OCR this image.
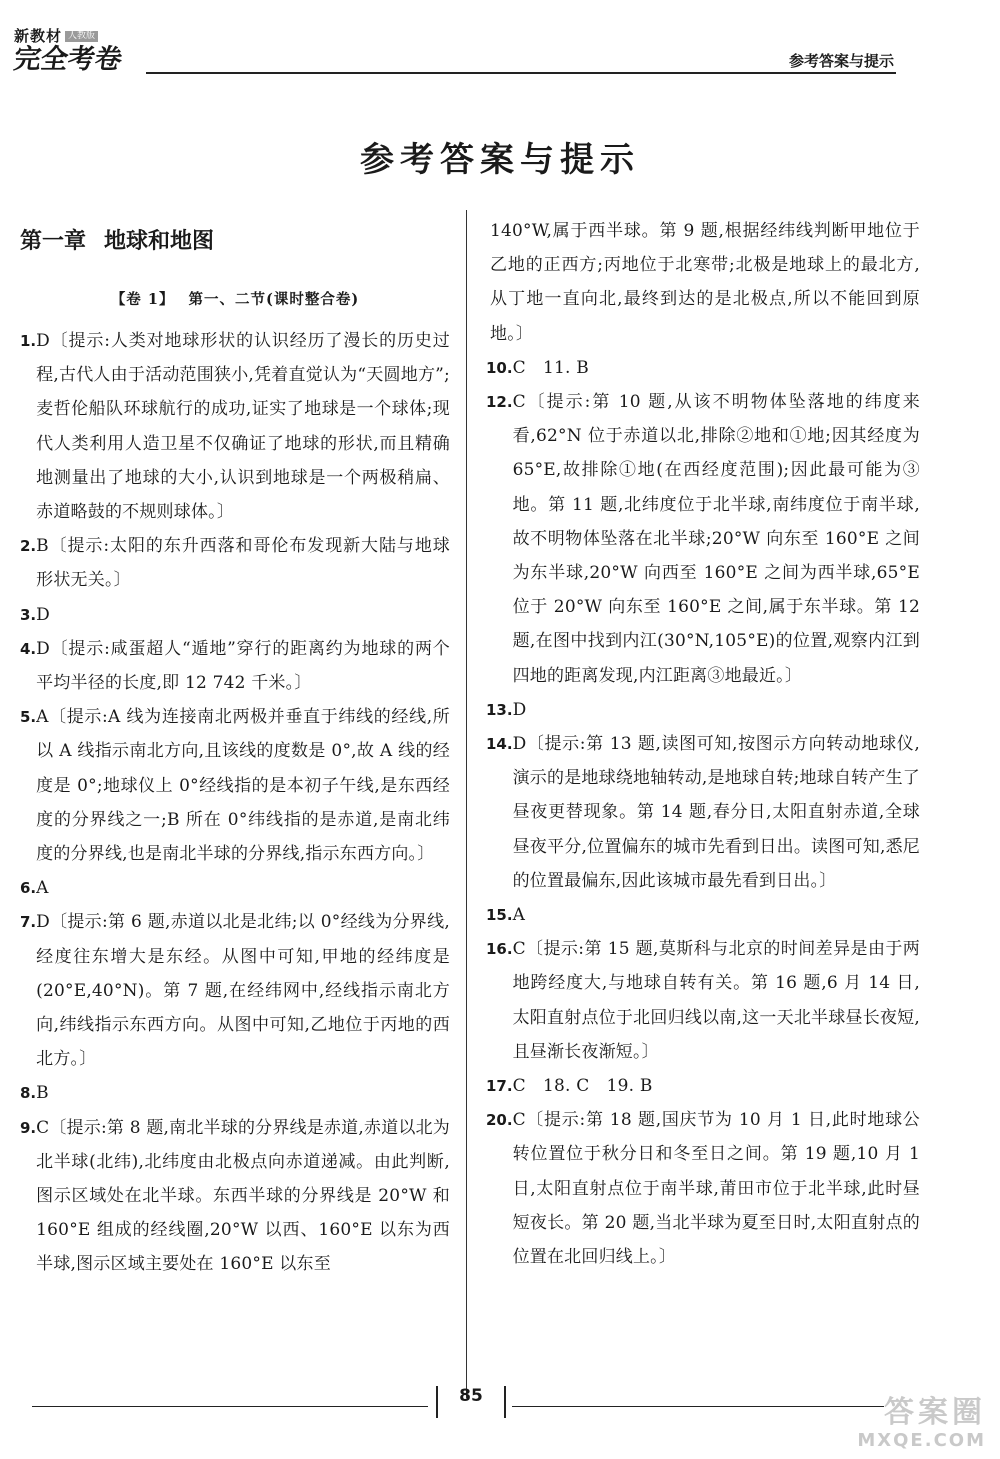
新教材 人教版
完全考卷	参考答案与提示
参考答案与提示
第一章 地球和地图
【卷 1】 第一、二节(课时整合卷)
1. D〔提示:人类对地球形状的认识经历了漫长的历史过程,古代人由于活动范围狭小,凭着直觉认为“天圆地方”;麦哲伦船队环球航行的成功,证实了地球是一个球体;现代人类利用人造卫星不仅确证了地球的形状,而且精确地测量出了地球的大小,认识到地球是一个两极稍扁、赤道略鼓的不规则球体。〕
2. B〔提示:太阳的东升西落和哥伦布发现新大陆与地球形状无关。〕
3. D
4. D〔提示:咸蛋超人“遁地”穿行的距离约为地球的两个平均半径的长度,即 12 742 千米。〕
5. A〔提示:A 线为连接南北两极并垂直于纬线的经线,所以 A 线指示南北方向,且该线的度数是 0°,故 A 线的经度是 0°;地球仪上 0°经线指的是本初子午线,是东西经度的分界线之一;B 所在 0°纬线指的是赤道,是南北纬度的分界线,也是南北半球的分界线,指示东西方向。〕
6. A
7. D〔提示:第 6 题,赤道以北是北纬;以 0°经线为分界线,经度往东增大是东经。从图中可知,甲地的经纬度是(20°E,40°N)。第 7 题,在经纬网中,经线指示南北方向,纬线指示东西方向。从图中可知,乙地位于丙地的西北方。〕
8. B
9. C〔提示:第 8 题,南北半球的分界线是赤道,赤道以北为北半球(北纬),北纬度由北极点向赤道递减。由此判断,图示区域处在北半球。东西半球的分界线是 20°W 和 160°E 组成的经线圈,20°W 以西、160°E 以东为西半球,图示区域主要处在 160°E 以东至
140°W,属于西半球。第 9 题,根据经纬线判断甲地位于乙地的正西方;丙地位于北寒带;北极是地球上的最北方,从丁地一直向北,最终到达的是北极点,所以不能回到原地。〕
10. C　11. B
12. C〔提示:第 10 题,从该不明物体坠落地的纬度来看,62°N 位于赤道以北,排除②地和①地;因其经度为 65°E,故排除①地(在西经度范围);因此最可能为③地。第 11 题,北纬度位于北半球,南纬度位于南半球,故不明物体坠落在北半球;20°W 向东至 160°E 之间为东半球,20°W 向西至 160°E 之间为西半球,65°E 位于 20°W 向东至 160°E 之间,属于东半球。第 12 题,在图中找到内江(30°N,105°E)的位置,观察内江到四地的距离发现,内江距离③地最近。〕
13. D
14. D〔提示:第 13 题,读图可知,按图示方向转动地球仪,演示的是地球绕地轴转动,是地球自转;地球自转产生了昼夜更替现象。第 14 题,春分日,太阳直射赤道,全球昼夜平分,位置偏东的城市先看到日出。读图可知,悉尼的位置最偏东,因此该城市最先看到日出。〕
15. A
16. C〔提示:第 15 题,莫斯科与北京的时间差异是由于两地跨经度大,与地球自转有关。第 16 题,6 月 14 日,太阳直射点位于北回归线以南,这一天北半球昼长夜短,且昼渐长夜渐短。〕
17. C　18. C　19. B
20. C〔提示:第 18 题,国庆节为 10 月 1 日,此时地球公转位置位于秋分日和冬至日之间。第 19 题,10 月 1 日,太阳直射点位于南半球,莆田市位于北半球,此时昼短夜长。第 20 题,当北半球为夏至日时,太阳直射点的位置在北回归线上。〕
85	答案圈
MXQE.COM
